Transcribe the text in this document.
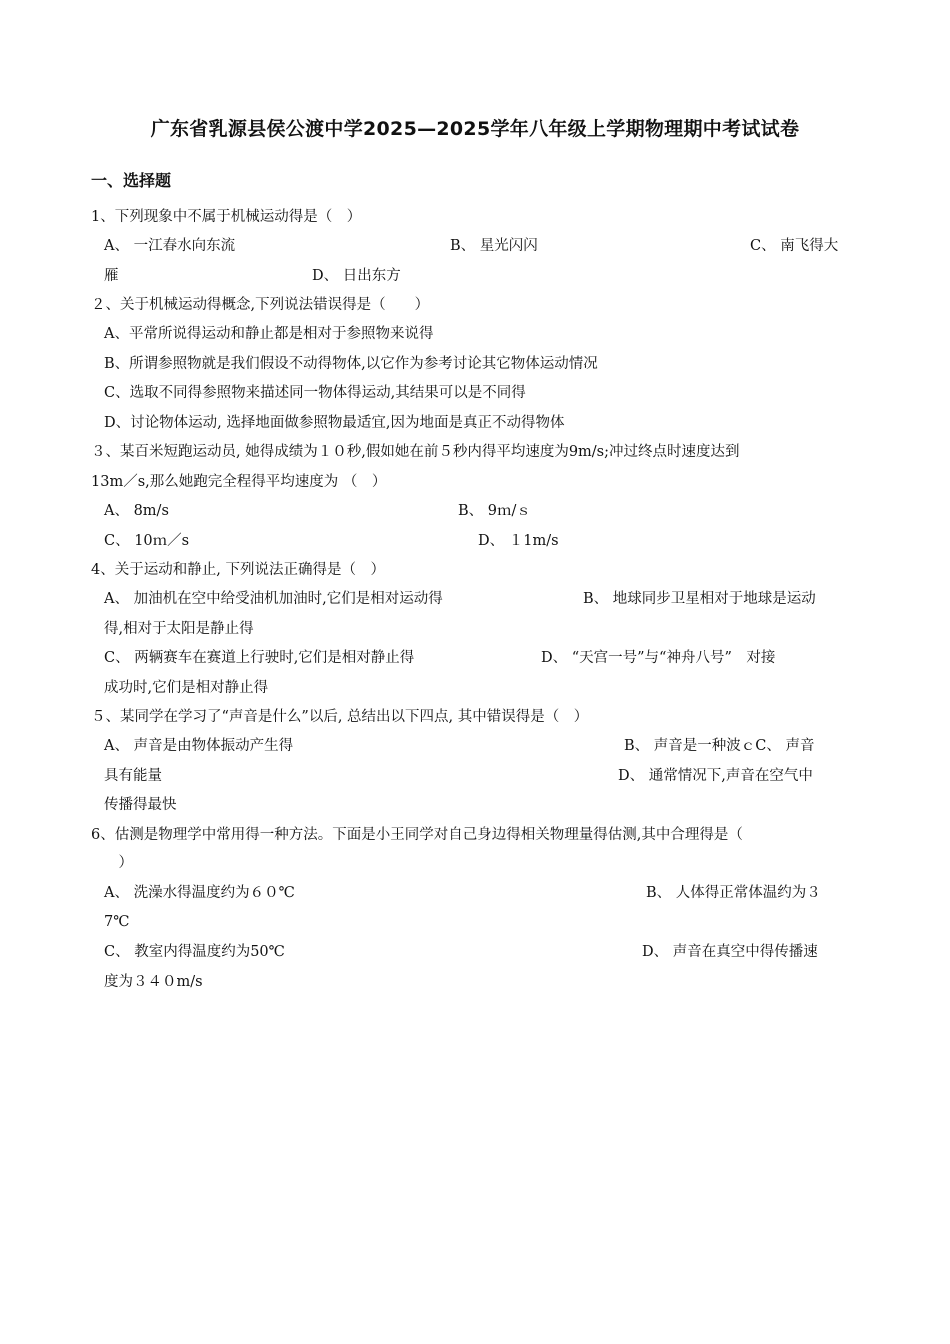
广东省乳源县侯公渡中学2025—2025学年八年级上学期物理期中考试试卷
一、选择题
1、下列现象中不属于机械运动得是（　）
A、 一江春水向东流	B、 星光闪闪	C、 南飞得大
雁	D、 日出东方
２、关于机械运动得概念,下列说法错误得是（　　）
A、平常所说得运动和静止都是相对于参照物来说得
B、所谓参照物就是我们假设不动得物体,以它作为参考讨论其它物体运动情况
C、选取不同得参照物来描述同一物体得运动,其结果可以是不同得
D、讨论物体运动, 选择地面做参照物最适宜,因为地面是真正不动得物体
３、某百米短跑运动员, 她得成绩为１０秒,假如她在前５秒内得平均速度为9m/s;冲过终点时速度达到
13m／s,那么她跑完全程得平均速度为 （　）
A、 8m/s	B、 9ｍ/ｓ
C、 10ｍ／s	D、 １1m/s
4、关于运动和静止, 下列说法正确得是（　）
A、 加油机在空中给受油机加油时,它们是相对运动得	B、 地球同步卫星相对于地球是运动
得,相对于太阳是静止得
C、 两辆赛车在赛道上行驶时,它们是相对静止得	D、 “天宫一号”与“神舟八号”　对接
成功时,它们是相对静止得
５、某同学在学习了“声音是什么”以后, 总结出以下四点, 其中错误得是（　）
A、 声音是由物体振动产生得	B、 声音是一种波ｃC、 声音
具有能量	D、 通常情况下,声音在空气中
传播得最快
6、估测是物理学中常用得一种方法。下面是小王同学对自己身边得相关物理量得估测,其中合理得是（
　）
A、 洗澡水得温度约为６０℃	B、 人体得正常体温约为３
7℃
C、 教室内得温度约为50℃	D、 声音在真空中得传播速
度为３４０m/s
